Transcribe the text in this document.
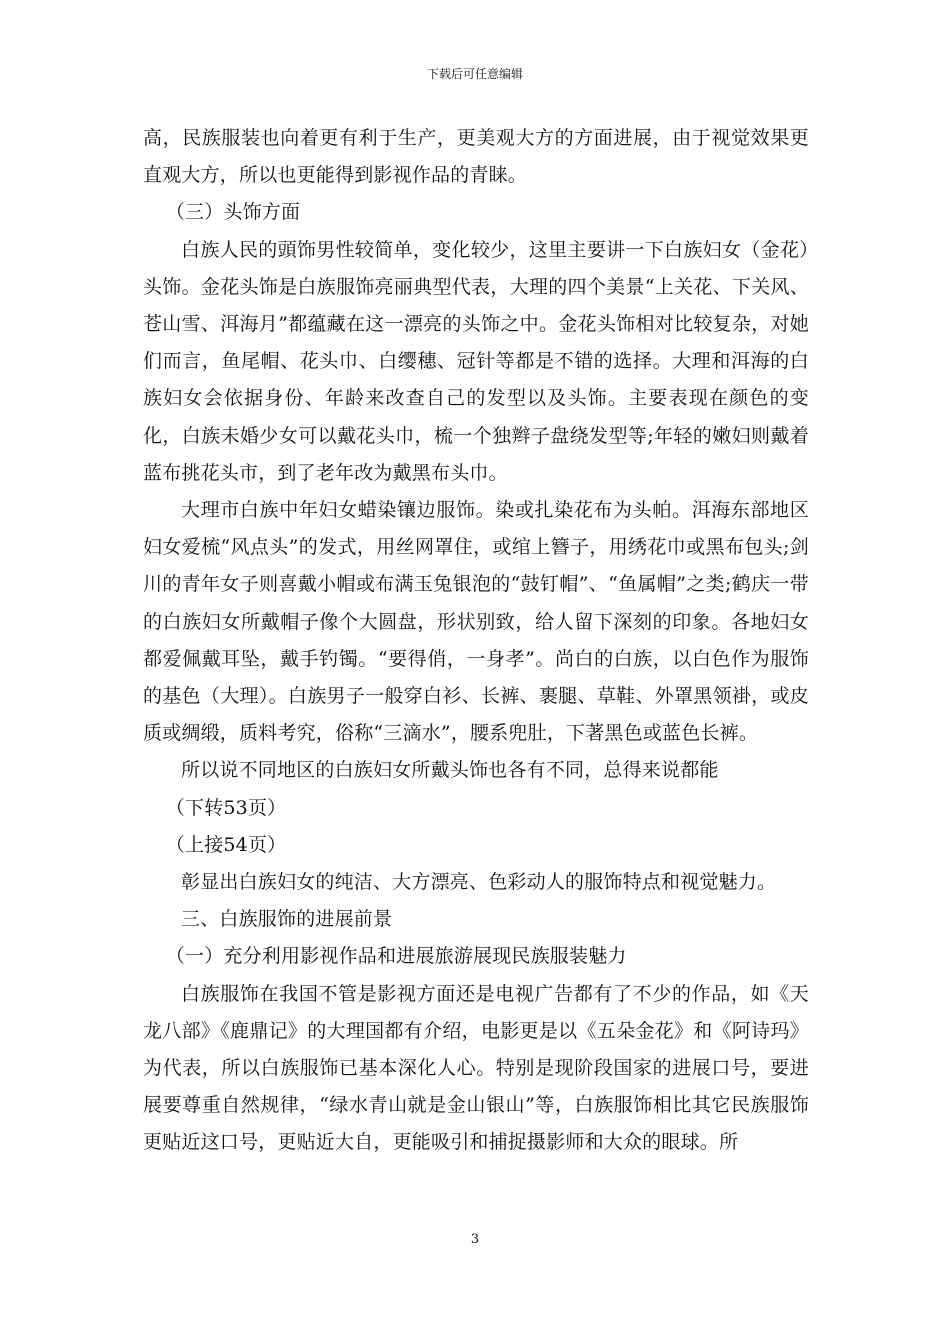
下载后可任意编辑

高，民族服装也向着更有利于生产，更美观大方的方面进展，由于视觉效果更直观大方，所以也更能得到影视作品的青睐。

（三）头饰方面

白族人民的頭饰男性较简单，变化较少，这里主要讲一下白族妇女（金花）头饰。金花头饰是白族服饰亮丽典型代表，大理的四个美景“上关花、下关风、苍山雪、洱海月”都蕴藏在这一漂亮的头饰之中。金花头饰相对比较复杂，对她们而言，鱼尾帽、花头巾、白缨穗、冠针等都是不错的选择。大理和洱海的白族妇女会依据身份、年龄来改查自己的发型以及头饰。主要表现在颜色的变化，白族未婚少女可以戴花头巾，梳一个独辫子盘绕发型等;年轻的嫩妇则戴着蓝布挑花头市，到了老年改为戴黑布头巾。

大理市白族中年妇女蜡染镶边服饰。染或扎染花布为头帕。洱海东部地区妇女爱梳“风点头”的发式，用丝网罩住，或绾上簪子，用绣花巾或黑布包头;剑川的青年女子则喜戴小帽或布满玉兔银泡的“鼓钉帽”、“鱼属帽”之类;鹤庆一带的白族妇女所戴帽子像个大圆盘，形状别致，给人留下深刻的印象。各地妇女都爱佩戴耳坠，戴手钓镯。“要得俏，一身孝”。尚白的白族，以白色作为服饰的基色（大理）。白族男子一般穿白衫、长裤、裹腿、草鞋、外罩黑领褂，或皮质或绸缎，质料考究，俗称“三滴水”，腰系兜肚，下著黑色或蓝色长裤。

所以说不同地区的白族妇女所戴头饰也各有不同，总得来说都能

（下转53页）

（上接54页）

彰显出白族妇女的纯洁、大方漂亮、色彩动人的服饰特点和视觉魅力。

三、白族服饰的进展前景

（一）充分利用影视作品和进展旅游展现民族服装魅力

白族服饰在我国不管是影视方面还是电视广告都有了不少的作品，如《天龙八部》《鹿鼎记》的大理国都有介绍，电影更是以《五朵金花》和《阿诗玛》为代表，所以白族服饰已基本深化人心。特别是现阶段国家的进展口号，要进展要尊重自然规律，“绿水青山就是金山银山”等，白族服饰相比其它民族服饰更贴近这口号，更贴近大自，更能吸引和捕捉摄影师和大众的眼球。所

3
